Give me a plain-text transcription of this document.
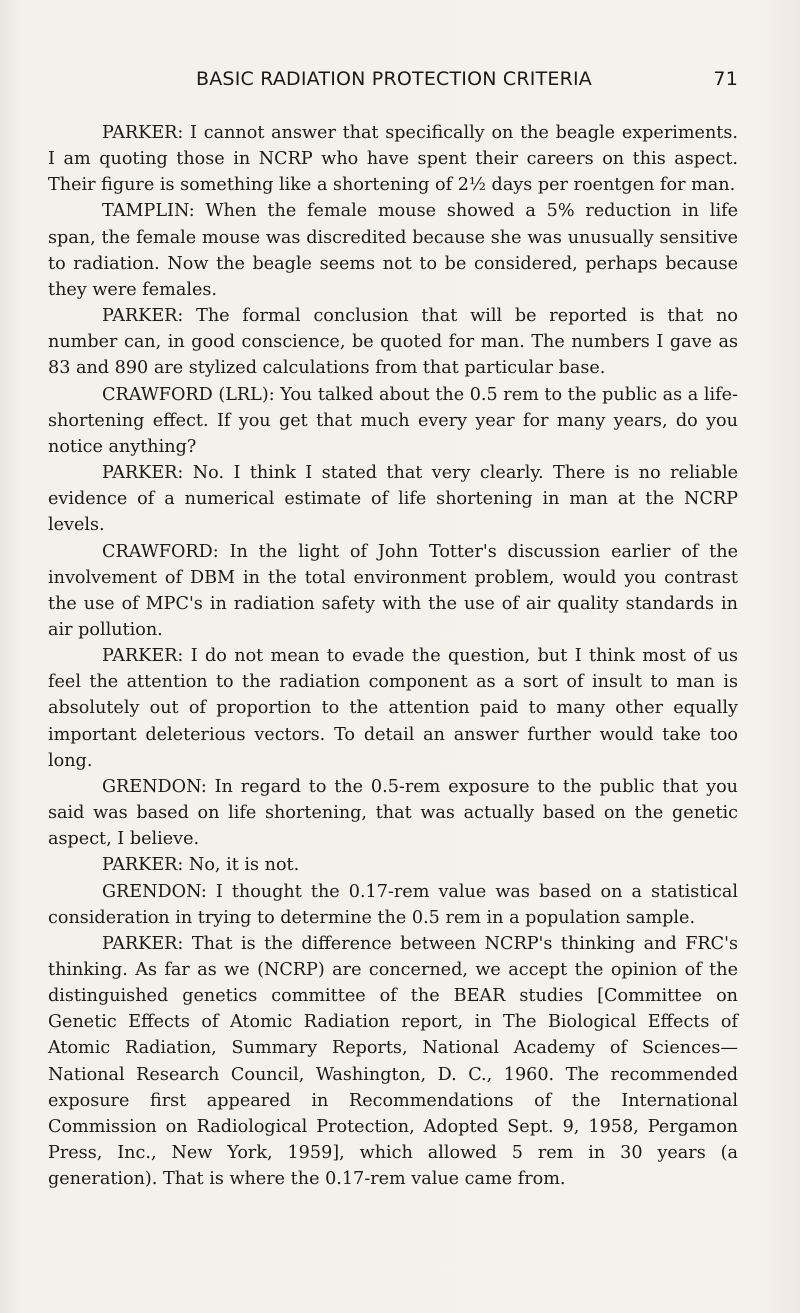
BASIC RADIATION PROTECTION CRITERIA	71

PARKER: I cannot answer that specifically on the beagle experiments. I am quoting those in NCRP who have spent their careers on this aspect. Their figure is something like a shortening of 2½ days per roentgen for man.

TAMPLIN: When the female mouse showed a 5% reduction in life span, the female mouse was discredited because she was unusually sensitive to radiation. Now the beagle seems not to be considered, perhaps because they were females.

PARKER: The formal conclusion that will be reported is that no number can, in good conscience, be quoted for man. The numbers I gave as 83 and 890 are stylized calculations from that particular base.

CRAWFORD (LRL): You talked about the 0.5 rem to the public as a life-shortening effect. If you get that much every year for many years, do you notice anything?

PARKER: No. I think I stated that very clearly. There is no reliable evidence of a numerical estimate of life shortening in man at the NCRP levels.

CRAWFORD: In the light of John Totter's discussion earlier of the involvement of DBM in the total environment problem, would you contrast the use of MPC's in radiation safety with the use of air quality standards in air pollution.

PARKER: I do not mean to evade the question, but I think most of us feel the attention to the radiation component as a sort of insult to man is absolutely out of proportion to the attention paid to many other equally important deleterious vectors. To detail an answer further would take too long.

GRENDON: In regard to the 0.5-rem exposure to the public that you said was based on life shortening, that was actually based on the genetic aspect, I believe.

PARKER: No, it is not.

GRENDON: I thought the 0.17-rem value was based on a statistical consideration in trying to determine the 0.5 rem in a population sample.

PARKER: That is the difference between NCRP's thinking and FRC's thinking. As far as we (NCRP) are concerned, we accept the opinion of the distinguished genetics committee of the BEAR studies [Committee on Genetic Effects of Atomic Radiation report, in The Biological Effects of Atomic Radiation, Summary Reports, National Academy of Sciences—National Research Council, Washington, D. C., 1960. The recommended exposure first appeared in Recommendations of the International Commission on Radiological Protection, Adopted Sept. 9, 1958, Pergamon Press, Inc., New York, 1959], which allowed 5 rem in 30 years (a generation). That is where the 0.17-rem value came from.
